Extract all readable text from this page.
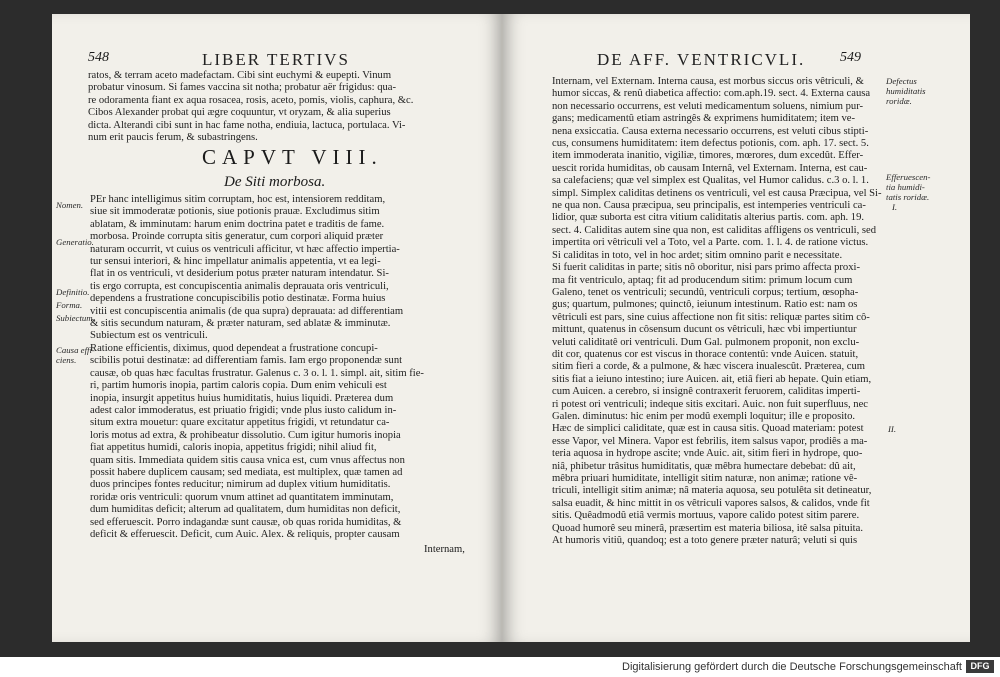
548	LIBER TERTIVS
ratos, & terram aceto madefactam. Cibi sint euchymi & eupepti. Vinum
probatur vinosum. Si fames vaccina sit notha; probatur aër frigidus: qua-
re odoramenta fiant ex aqua rosacea, rosis, aceto, pomis, violis, caphura, &c.
Cibos Alexander probat qui ægre coquuntur, vt oryzam, & alia superius
dicta. Alterandi cibi sunt in hac fame notha, endiuia, lactuca, portulaca. Vi-
num erit paucis ferum, & subastringens.
CAPVT VIII.
De Siti morbosa.
Nomen.
Generatio.
Definitio.
Forma.
Subiectum.
Causa effi-
ciens.
PEr hanc intelligimus sitim corruptam, hoc est, intensiorem redditam,
siue sit immoderatæ potionis, siue potionis prauæ. Excludimus sitim
ablatam, & imminutam: harum enim doctrina patet e traditis de fame.
morbosa. Proinde corrupta sitis generatur, cum corpori aliquid præter
naturam occurrit, vt cuius os ventriculi afficitur, vt hæc affectio impertia-
tur sensui interiori, & hinc impellatur animalis appetentia, vt ea legi-
flat in os ventriculi, vt desiderium potus præter naturam intendatur. Si-
tis ergo corrupta, est concupiscentia animalis deprauata oris ventriculi,
dependens a frustratione concupiscibilis potio destinatæ. Forma huius
vitii est concupiscentia animalis (de qua supra) deprauata: ad differentiam
& sitis secundum naturam, & præter naturam, sed ablatæ & imminutæ.
Subiectum est os ventriculi.
Ratione efficientis, diximus, quod dependeat a frustratione concupi-
scibilis potui destinatæ: ad differentiam famis. Iam ergo proponendæ sunt
causæ, ob quas hæc facultas frustratur. Galenus c. 3 o. l. 1. simpl. ait, sitim fie-
ri, partim humoris inopia, partim caloris copia. Dum enim vehiculi est
inopia, insurgit appetitus huius humiditatis, huius liquidi. Præterea dum
adest calor immoderatus, est priuatio frigidi; vnde plus iusto calidum in-
situm extra mouetur: quare excitatur appetitus frigidi, vt retundatur ca-
loris motus ad extra, & prohibeatur dissolutio. Cum igitur humoris inopia
fiat appetitus humidi, caloris inopia, appetitus frigidi; nihil aliud fit,
quam sitis. Immediata quidem sitis causa vnica est, cum vnus affectus non
possit habere duplicem causam; sed mediata, est multiplex, quæ tamen ad
duos principes fontes reducitur; nimirum ad duplex vitium humiditatis.
roridæ oris ventriculi: quorum vnum attinet ad quantitatem imminutam,
dum humiditas deficit; alterum ad qualitatem, dum humiditas non deficit,
sed efferuescit. Porro indagandæ sunt causæ, ob quas rorida humiditas, &
deficit & efferuescit. Deficit, cum Auic. Alex. & reliquis, propter causam
Internam,
DE AFF. VENTRICVLI. 549
Internam, vel Externam. Interna causa, est morbus siccus oris vêtriculi, &
humor siccas, & renû diabetica affectio: com.aph.19. sect. 4. Externa causa
non necessario occurrens, est veluti medicamentum soluens, nimium pur-
gans; medicamentû etiam astringês & exprimens humiditatem; item ve-
nena exsiccatia. Causa externa necessario occurrens, est veluti cibus stipti-
cus, consumens humiditatem: item defectus potionis, com. aph. 17. sect. 5.
item immoderata inanitio, vigiliæ, timores, mœrores, dum excedût. Effer-
uescit rorida humiditas, ob causam Internâ, vel Externam. Interna, est cau-
sa calefaciens; quæ vel simplex est Qualitas, vel Humor calidus. c.3 o. l. 1.
simpl. Simplex caliditas detinens os ventriculi, vel est causa Præcipua, vel Si-
ne qua non. Causa præcipua, seu principalis, est intemperies ventriculi ca-
lidior, quæ suborta est citra vitium caliditatis alterius partis. com. aph. 19.
sect. 4. Caliditas autem sine qua non, est caliditas affligens os ventriculi, sed
impertita ori vêtriculi vel a Toto, vel a Parte. com. 1. l. 4. de ratione victus.
Si caliditas in toto, vel in hoc ardet; sitim omnino parit e necessitate.
Si fuerit caliditas in parte; sitis nô oboritur, nisi pars primo affecta proxi-
ma fit ventriculo, aptaq; fit ad producendum sitim: primum locum cum
Galeno, tenet os ventriculi; secundû, ventriculi corpus; tertium, œsopha-
gus; quartum, pulmones; quinctô, ieiunum intestinum. Ratio est: nam os
vêtriculi est pars, sine cuius affectione non fit sitis: reliquæ partes sitim cô-
mittunt, quatenus in côsensum ducunt os vêtriculi, hæc vbi impertiuntur
veluti caliditatê ori ventriculi. Dum Gal. pulmonem proponit, non exclu-
dit cor, quatenus cor est viscus in thorace contentû: vnde Auicen. statuit,
sitim fieri a corde, & a pulmone, & hæc viscera inualescût. Præterea, cum
sitis fiat a ieiuno intestino; iure Auicen. ait, etiâ fieri ab hepate. Quin etiam,
cum Auicen. a cerebro, si insignê contraxerit feruorem, caliditas imperti-
ri potest ori ventriculi; indeque sitis excitari. Auic. non fuit superfluus, nec
Galen. diminutus: hic enim per modû exempli loquitur; ille e proposito.
Hæc de simplici caliditate, quæ est in causa sitis. Quoad materiam: potest
esse Vapor, vel Minera. Vapor est febrilis, item salsus vapor, prodiês a ma-
teria aquosa in hydrope ascite; vnde Auic. ait, sitim fieri in hydrope, quo-
niâ, phibetur trâsitus humiditatis, quæ mêbra humectare debebat: dû ait,
mêbra priuari humiditate, intelligit sitim naturæ, non animæ; ratione vê-
triculi, intelligit sitim animæ; nâ materia aquosa, seu potulêta sit detineatur,
salsa euadit, & hinc mittit in os vêtriculi vapores salsos, & calidos, vnde fit
sitis. Quêadmodû etiâ vermis mortuus, vapore calido potest sitim parere.
Quoad humorê seu minerâ, præsertim est materia biliosa, itê salsa pituita.
At humoris vitiû, quandoq; est a toto genere præter naturâ; veluti si quis
Defectus
humiditatis
roridæ.
Efferuescen-
tia humidi-
tatis roridæ.
I.
II.
Digitalisierung gefördert durch die Deutsche Forschungsgemeinschaft DFG
